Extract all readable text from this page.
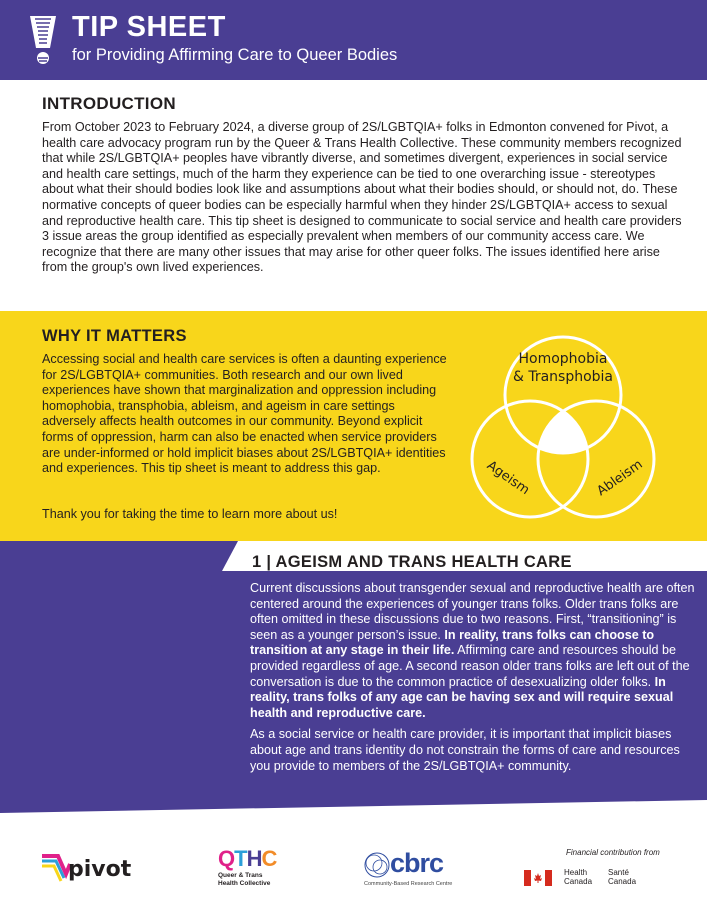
TIP SHEET
for Providing Affirming Care to Queer Bodies
INTRODUCTION
From October 2023 to February 2024, a diverse group of 2S/LGBTQIA+ folks in Edmonton convened for Pivot, a health care advocacy program run by the Queer & Trans Health Collective. These community members recognized that while 2S/LGBTQIA+ peoples have vibrantly diverse, and sometimes divergent, experiences in social service and health care settings, much of the harm they experience can be tied to one overarching issue - stereotypes about what their should bodies look like and assumptions about what their bodies should, or should not, do. These normative concepts of queer bodies can be especially harmful when they hinder 2S/LGBTQIA+ access to sexual and reproductive health care. This tip sheet is designed to communicate to social service and health care providers 3 issue areas the group identified as especially prevalent when members of our community access care. We recognize that there are many other issues that may arise for other queer folks. The issues identified here arise from the group's own lived experiences.
WHY IT MATTERS
Accessing social and health care services is often a daunting experience for 2S/LGBTQIA+ communities. Both research and our own lived experiences have shown that marginalization and oppression including homophobia, transphobia, ableism, and ageism in care settings adversely affects health outcomes in our community. Beyond explicit forms of oppression, harm can also be enacted when service providers are under-informed or hold implicit biases about 2S/LGBTQIA+ identities and experiences. This tip sheet is meant to address this gap.
Thank you for taking the time to learn more about us!
Homophobia
& Transphobia
Ageism	Ableism
1 | AGEISM AND TRANS HEALTH CARE

Current discussions about transgender sexual and reproductive health are often centered around the experiences of younger trans folks. Older trans folks are often omitted in these discussions due to two reasons. First, “transitioning” is seen as a younger person’s issue. In reality, trans folks can choose to transition at any stage in their life. Affirming care and resources should be provided regardless of age. A second reason older trans folks are left out of the conversation is due to the common practice of desexualizing older folks. In reality, trans folks of any age can be having sex and will require sexual health and reproductive care.

As a social service or health care provider, it is important that implicit biases about age and trans identity do not constrain the forms of care and resources you provide to members of the 2S/LGBTQIA+ community.

pivot	QTHC
Queer & Trans
Health Collective
cbrc
Community-Based Research Centre
Financial contribution from
Health
Canada
Santé
Canada
